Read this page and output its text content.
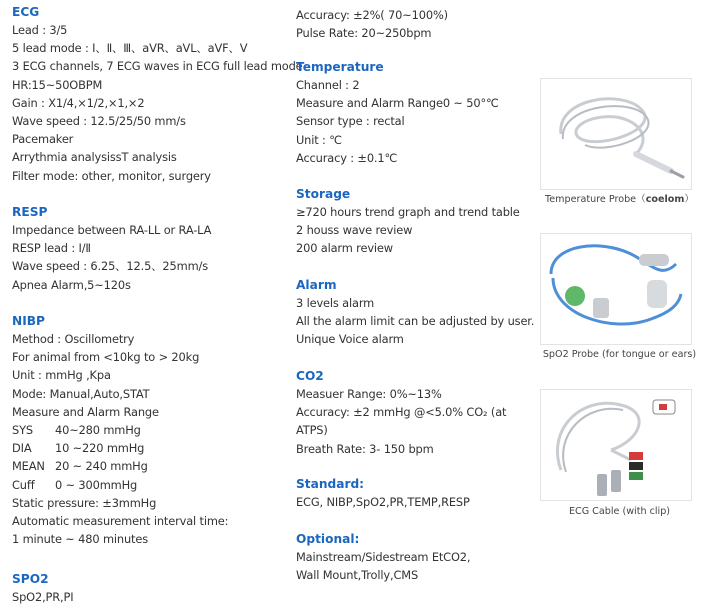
ECG

Lead : 3/5

5 lead mode : Ⅰ、Ⅱ、Ⅲ、aVR、aVL、aVF、V

3 ECG channels, 7 ECG waves in ECG full lead mode

HR:15~50OBPM

Gain : X1/4,×1/2,×1,×2

Wave speed : 12.5/25/50 mm/s

Pacemaker

Arrythmia analysissT analysis

Filter mode: other, monitor, surgery

RESP

Impedance between RA-LL or RA-LA

RESP lead : I/Ⅱ

Wave speed : 6.25、12.5、25mm/s

Apnea Alarm,5~120s

NIBP

Method : Oscillometry

For animal from <10kg to > 20kg

Unit : mmHg ,Kpa

Mode: Manual,Auto,STAT

Measure and Alarm Range

SYS 40~280 mmHg

DIA 10 ~220 mmHg

MEAN 20 ~ 240 mmHg

Cuff 0 ~ 300mmHg

Static pressure: ±3mmHg

Automatic measurement interval time:

1 minute ~ 480 minutes

SPO2

SpO2,PR,PI

Accuracy: ±2%( 70~100%)

Pulse Rate: 20~250bpm

Temperature

Channel : 2

Measure and Alarm Range0 ~ 50°℃

Sensor type : rectal

Unit : ℃

Accuracy : ±0.1℃

Storage

≥720 hours trend graph and trend table

2 houss wave review

200 alarm review

Alarm

3 levels alarm

All the alarm limit can be adjusted by user.

Unique Voice alarm

CO2

Measuer Range: 0%~13%

Accuracy: ±2 mmHg @<5.0% CO₂ (at

ATPS)

Breath Rate: 3- 150 bpm

Standard:

ECG, NIBP,SpO2,PR,TEMP,RESP

Optional:

Mainstream/Sidestream EtCO2,

Wall Mount,Trolly,CMS

Temperature Probe（coelom）
SpO2 Probe (for tongue or ears)
ECG Cable (with clip)
